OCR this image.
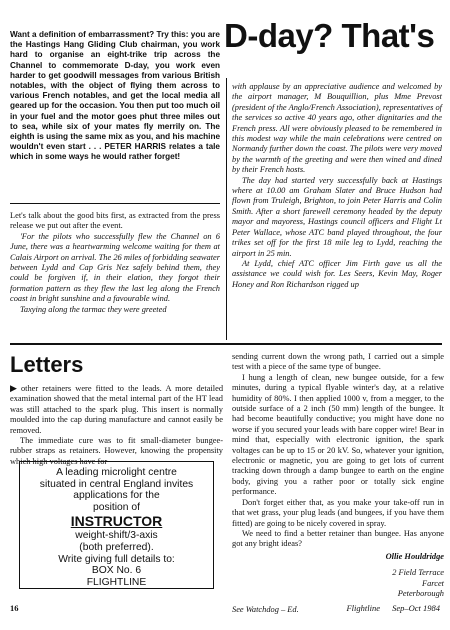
Want a definition of embarrassment? Try this: you are the Hastings Hang Gliding Club chairman, you work hard to organise an eight-trike trip across the Channel to commemorate D-day, you work even harder to get goodwill messages from various British notables, with the object of flying them across to various French notables, and get the local media all geared up for the occasion. You then put too much oil in your fuel and the motor goes phut three miles out to sea, while six of your mates fly merrily on. The eighth is using the same mix as you, and his machine wouldn't even start . . . PETER HARRIS relates a tale which in some ways he would rather forget!
D-day? That's

Let's talk about the good bits first, as extracted from the press release we put out after the event.

'For the pilots who successfully flew the Channel on 6 June, there was a heartwarming welcome waiting for them at Calais Airport on arrival. The 26 miles of forbidding seawater between Lydd and Cap Gris Nez safely behind them, they could be forgiven if, in their elation, they forgot their formation pattern as they flew the last leg along the French coast in bright sunshine and a favourable wind.

Taxying along the tarmac they were greeted

with applause by an appreciative audience and welcomed by the airport manager, M Bouquillion, plus Mme Prevost (president of the Anglo/French Association), representatives of the services so active 40 years ago, other dignitaries and the French press. All were obviously pleased to be remembered in this modest way while the main celebrations were centred on Normandy further down the coast. The pilots were very moved by the warmth of the greeting and were then wined and dined by their French hosts.

The day had started very successfully back at Hastings where at 10.00 am Graham Slater and Bruce Hudson had flown from Truleigh, Brighton, to join Peter Harris and Colin Smith. After a short farewell ceremony headed by the deputy mayor and mayoress, Hastings council officers and Flight Lt Peter Wallace, whose ATC band played throughout, the four trikes set off for the first 18 mile leg to Lydd, reaching the airport in 25 min.

At Lydd, chief ATC officer Jim Firth gave us all the assistance we could wish for. Les Seers, Kevin May, Roger Honey and Ron Richardson rigged up

Letters

▶ other retainers were fitted to the leads. A more detailed examination showed that the metal internal part of the HT lead was still attached to the spark plug. This insert is normally moulded into the cap during manufacture and cannot easily be removed.

The immediate cure was to fit small-diameter bungee-rubber straps as retainers. However, knowing the propensity which high voltages have for

A leading microlight centre
situated in central England invites
applications for the
position of
INSTRUCTOR
weight-shift/3-axis
(both preferred).
Write giving full details to:
BOX No. 6
FLIGHTLINE

sending current down the wrong path, I carried out a simple test with a piece of the same type of bungee.

I hung a length of clean, new bungee outside, for a few minutes, during a typical flyable winter's day, at a relative humidity of 80%. I then applied 1000 v, from a megger, to the outside surface of a 2 inch (50 mm) length of the bungee. It had become beautifully conductive; you might have done no worse if you secured your leads with bare copper wire! Bear in mind that, especially with electronic ignition, the spark voltages can be up to 15 or 20 kV. So, whatever your ignition, electronic or magnetic, you are going to get lots of current tracking down through a damp bungee to earth on the engine body, giving you a rather poor or totally sick engine performance.

Don't forget either that, as you make your take-off run in that wet grass, your plug leads (and bungees, if you have them fitted) are going to be nicely covered in spray.

We need to find a better retainer than bungee. Has anyone got any bright ideas?

Ollie Houldridge
2 Field Terrace
Farcet
Peterborough
See Watchdog – Ed.
16	Flightline Sep–Oct 1984
